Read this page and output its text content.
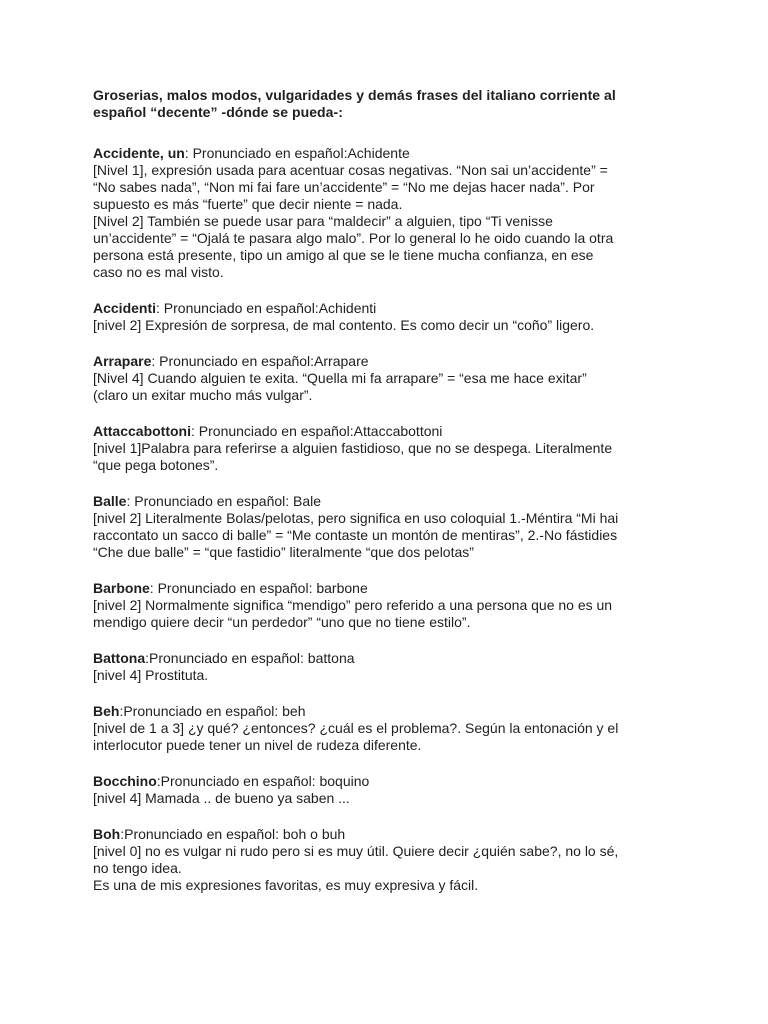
Groserias, malos modos, vulgaridades y demás frases del italiano corriente al
español “decente” -dónde se pueda-:
Accidente, un: Pronunciado en español:Achidente
[Nivel 1], expresión usada para acentuar cosas negativas. “Non sai un’accidente” =
“No sabes nada”, “Non mi fai fare un’accidente” = “No me dejas hacer nada”. Por
supuesto es más “fuerte” que decir niente = nada.
[Nivel 2] También se puede usar para “maldecir” a alguien, tipo “Ti venisse
un’accidente” = “Ojalá te pasara algo malo”. Por lo general lo he oido cuando la otra
persona está presente, tipo un amigo al que se le tiene mucha confianza, en ese
caso no es mal visto.
Accidenti: Pronunciado en español:Achidenti
[nivel 2] Expresión de sorpresa, de mal contento. Es como decir un “coño” ligero.
Arrapare: Pronunciado en español:Arrapare
[Nivel 4] Cuando alguien te exita. “Quella mi fa arrapare” = “esa me hace exitar”
(claro un exitar mucho más vulgar”.
Attaccabottoni: Pronunciado en español:Attaccabottoni
[nivel 1]Palabra para referirse a alguien fastidioso, que no se despega. Literalmente
“que pega botones”.
Balle: Pronunciado en español: Bale
[nivel 2] Literalmente Bolas/pelotas, pero significa en uso coloquial 1.-Méntira “Mi hai
raccontato un sacco di balle” = “Me contaste un montón de mentiras”, 2.-No fástidies
“Che due balle” = “que fastidio” literalmente “que dos pelotas”
Barbone: Pronunciado en español: barbone
[nivel 2] Normalmente significa “mendigo” pero referido a una persona que no es un
mendigo quiere decir “un perdedor” “uno que no tiene estilo”.
Battona:Pronunciado en español: battona
[nivel 4] Prostituta.
Beh:Pronunciado en español: beh
[nivel de 1 a 3] ¿y qué? ¿entonces? ¿cuál es el problema?. Según la entonación y el
interlocutor puede tener un nivel de rudeza diferente.
Bocchino:Pronunciado en español: boquino
[nivel 4] Mamada .. de bueno ya saben ...
Boh:Pronunciado en español: boh o buh
[nivel 0] no es vulgar ni rudo pero si es muy útil. Quiere decir ¿quién sabe?, no lo sé,
no tengo idea.
Es una de mis expresiones favoritas, es muy expresiva y fácil.
